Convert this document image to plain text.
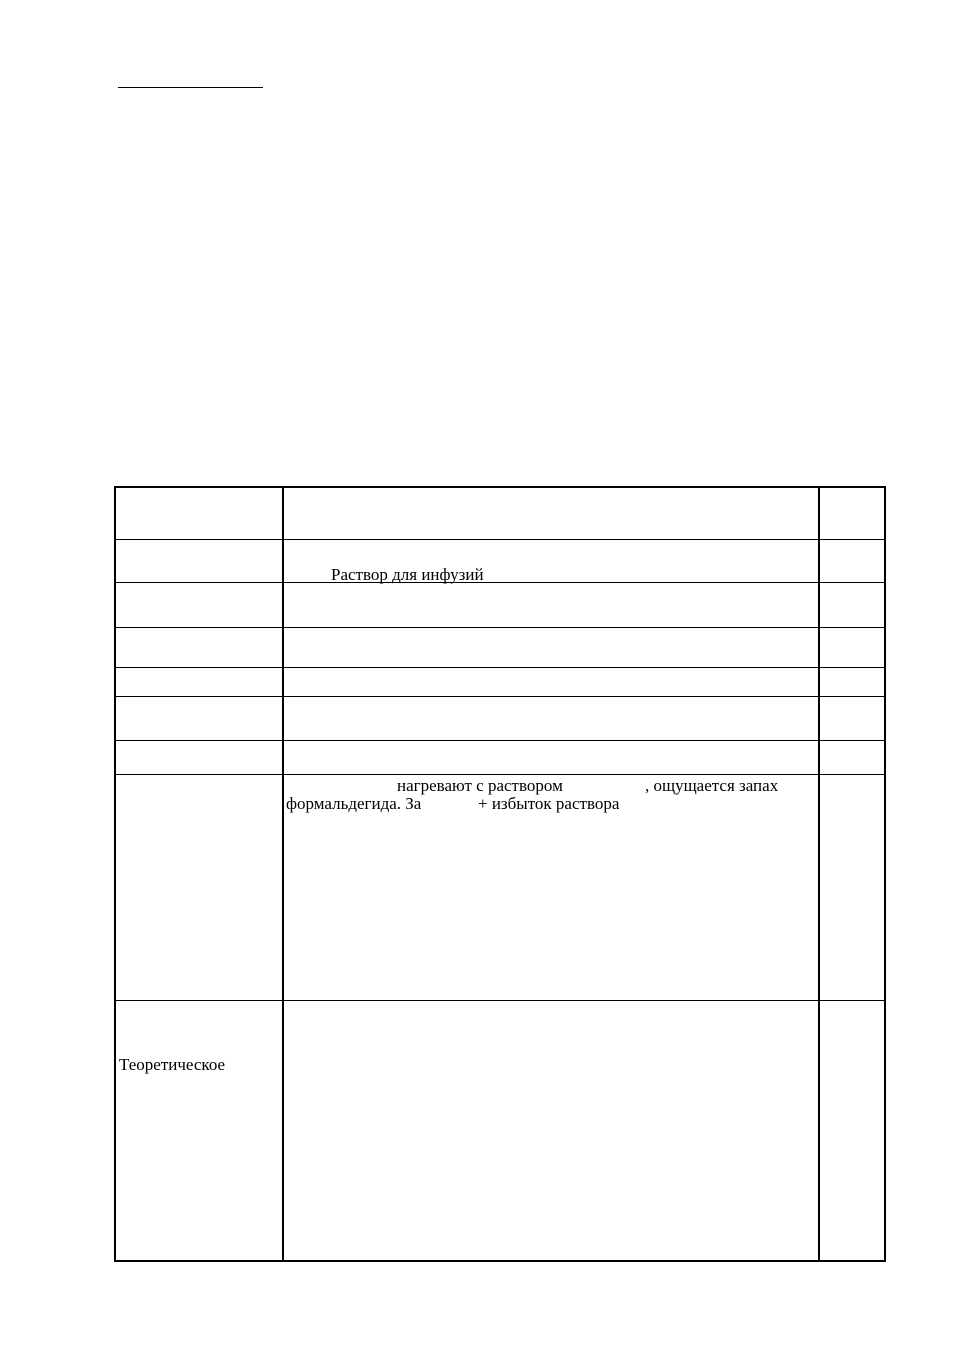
Раствор для инфузий
нагревают с раствором	, ощущается запах
формальдегида. За	+ избыток раствора
Теоретическое
